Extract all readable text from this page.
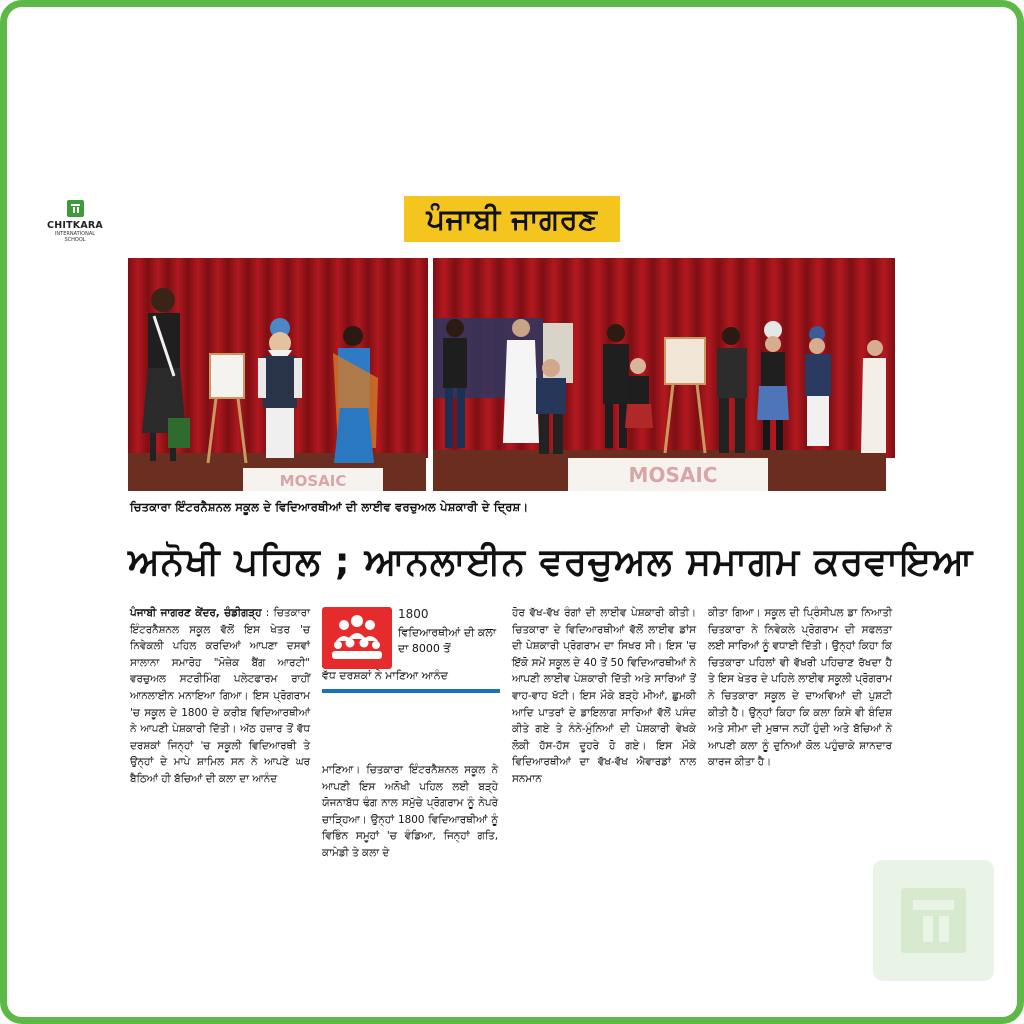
CHITKARA
INTERNATIONAL
SCHOOL
ਪੰਜਾਬੀ ਜਾਗਰਣ
MOSAIC	MOSAIC
ਚਿਤਕਾਰਾ ਇੰਟਰਨੈਸ਼ਨਲ ਸਕੂਲ ਦੇ ਵਿਦਿਆਰਥੀਆਂ ਦੀ ਲਾਈਵ ਵਰਚੁਅਲ ਪੇਸ਼ਕਾਰੀ ਦੇ ਦ੍ਰਿਸ਼।
ਅਨੋਖੀ ਪਹਿਲ ; ਆਨਲਾਈਨ ਵਰਚੁਅਲ ਸਮਾਗਮ ਕਰਵਾਇਆ
ਪੰਜਾਬੀ ਜਾਗਰਣ ਕੇਂਦਰ, ਚੰਡੀਗੜ੍ਹ : ਚਿਤਕਾਰਾ ਇੰਟਰਨੈਸ਼ਨਲ ਸਕੂਲ ਵੱਲੋਂ ਇਸ ਖੇਤਰ 'ਚ ਨਿਵੇਕਲੀ ਪਹਿਲ ਕਰਦਿਆਂ ਆਪਣਾ ਦਸਵਾਂ ਸਾਲਾਨਾ ਸਮਾਰੋਹ "ਮੋਜ਼ੇਕ ਬੈਂਗ ਆਰਟੀ" ਵਰਚੁਅਲ ਸਟਰੀਮਿੰਗ ਪਲੇਟਫਾਰਮ ਰਾਹੀਂ ਆਨਲਾਈਨ ਮਨਾਇਆ ਗਿਆ। ਇਸ ਪ੍ਰੋਗਰਾਮ 'ਚ ਸਕੂਲ ਦੇ 1800 ਦੇ ਕਰੀਬ ਵਿਦਿਆਰਥੀਆਂ ਨੇ ਆਪਣੀ ਪੇਸ਼ਕਾਰੀ ਦਿੱਤੀ। ਅੱਠ ਹਜ਼ਾਰ ਤੋਂ ਵੱਧ ਦਰਸ਼ਕਾਂ ਜਿਨ੍ਹਾਂ 'ਚ ਸਕੂਲੀ ਵਿਦਿਆਰਥੀ ਤੇ ਉਨ੍ਹਾਂ ਦੇ ਮਾਪੇ ਸ਼ਾਮਿਲ ਸਨ ਨੇ ਆਪਣੇ ਘਰ ਬੈਠਿਆਂ ਹੀ ਬੱਚਿਆਂ ਦੀ ਕਲਾ ਦਾ ਆਨੰਦ
1800
ਵਿਦਿਆਰਥੀਆਂ ਦੀ ਕਲਾ ਦਾ 8000 ਤੋਂ
ਵੱਧ ਦਰਸ਼ਕਾਂ ਨੇ ਮਾਣਿਆ ਆਨੰਦ
ਮਾਣਿਆ। ਚਿਤਕਾਰਾ ਇੰਟਰਨੈਸ਼ਨਲ ਸਕੂਲ ਨੇ ਆਪਣੀ ਇਸ ਅਨੋਖੀ ਪਹਿਲ ਲਈ ਬੜ੍ਹੇ ਯੋਜਨਾਬੱਧ ਢੰਗ ਨਾਲ ਸਮੁੱਚੇ ਪ੍ਰੋਗਰਾਮ ਨੂੰ ਨੇਪਰੇ ਚਾੜ੍ਹਿਆ। ਉਨ੍ਹਾਂ 1800 ਵਿਦਿਆਰਥੀਆਂ ਨੂੰ ਵਿਭਿੰਨ ਸਮੂਹਾਂ 'ਚ ਵੰਡਿਆ, ਜਿਨ੍ਹਾਂ ਗਤਿ, ਕਾਮੇਡੀ ਤੇ ਕਲਾ ਦੇ
ਹੋਰ ਵੱਖ-ਵੱਖ ਰੰਗਾਂ ਦੀ ਲਾਈਵ ਪੇਸ਼ਕਾਰੀ ਕੀਤੀ। ਚਿਤਕਾਰਾ ਦੇ ਵਿਦਿਆਰਥੀਆਂ ਵੱਲੋਂ ਲਾਈਵ ਡਾਂਸ ਦੀ ਪੇਸ਼ਕਾਰੀ ਪ੍ਰੋਗਰਾਮ ਦਾ ਸਿਖਰ ਸੀ। ਇਸ 'ਚ ਇੱਕੋ ਸਮੇਂ ਸਕੂਲ ਦੇ 40 ਤੋਂ 50 ਵਿਦਿਆਰਥੀਆਂ ਨੇ ਆਪਣੀ ਲਾਈਵ ਪੇਸ਼ਕਾਰੀ ਦਿੱਤੀ ਅਤੇ ਸਾਰਿਆਂ ਤੋਂ ਵਾਹ-ਵਾਹ ਖੱਟੀ। ਇਸ ਮੌਕੇ ਬੜ੍ਹੇ ਮੀਆਂ, ਛੁਮਕੀ ਆਦਿ ਪਾਤਰਾਂ ਦੇ ਡਾਇਲਾਗ ਸਾਰਿਆਂ ਵੱਲੋਂ ਪਸੰਦ ਕੀਤੇ ਗਏ ਤੇ ਨੰਨੇ-ਮੁੰਨਿਆਂ ਦੀ ਪੇਸ਼ਕਾਰੀ ਵੇਖਕੇ ਲੋਕੀ ਹੱਸ-ਹੱਸ ਦੂਹਰੇ ਹੋ ਗਏ। ਇਸ ਮੌਕੇ ਵਿਦਿਆਰਥੀਆਂ ਦਾ ਵੱਖ-ਵੱਖ ਐਵਾਰਡਾਂ ਨਾਲ ਸਨਮਾਨ
ਕੀਤਾ ਗਿਆ। ਸਕੂਲ ਦੀ ਪ੍ਰਿੰਸੀਪਲ ਡਾ ਨਿਆਤੀ ਚਿਤਕਾਰਾ ਨੇ ਨਿਵੇਕਲੇ ਪ੍ਰੋਗਰਾਮ ਦੀ ਸਫਲਤਾ ਲਈ ਸਾਰਿਆਂ ਨੂੰ ਵਧਾਈ ਦਿੱਤੀ। ਉਨ੍ਹਾਂ ਕਿਹਾ ਕਿ ਚਿਤਕਾਰਾ ਪਹਿਲਾਂ ਵੀ ਵੱਖਰੀ ਪਹਿਚਾਣ ਰੱਖਦਾ ਹੈ ਤੇ ਇਸ ਖੇਤਰ ਦੇ ਪਹਿਲੇ ਲਾਈਵ ਸਕੂਲੀ ਪ੍ਰੋਗਰਾਮ ਨੇ ਚਿਤਕਾਰਾ ਸਕੂਲ ਦੇ ਦਾਅਵਿਆਂ ਦੀ ਪੁਸ਼ਟੀ ਕੀਤੀ ਹੈ। ਉਨ੍ਹਾਂ ਕਿਹਾ ਕਿ ਕਲਾ ਕਿਸੇ ਵੀ ਬੰਦਿਸ਼ ਅਤੇ ਸੀਮਾ ਦੀ ਮੁਥਾਜ ਨਹੀਂ ਹੁੰਦੀ ਅਤੇ ਬੱਚਿਆਂ ਨੇ ਆਪਣੀ ਕਲਾ ਨੂੰ ਦੁਨਿਆਂ ਕੋਲ ਪਹੁੰਚਾਕੇ ਸ਼ਾਨਦਾਰ ਕਾਰਜ ਕੀਤਾ ਹੈ।
